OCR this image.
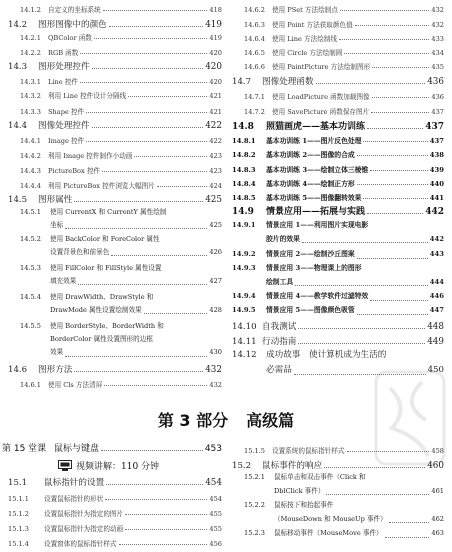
14.1.2	自定义的坐标系统	418
14.2	图形图像中的颜色	419
14.2.1	QBColor 函数	419
14.2.2	RGB 函数	420
14.3	图形处理控件	420
14.3.1	Line 控件	420
14.3.2	利用 Line 控件设计分隔线	421
14.3.3	Shape 控件	421
14.4	图像处理控件	422
14.4.1	Image 控件	422
14.4.2	利用 Image 控件制作小动画	423
14.4.3	PictureBox 控件	423
14.4.4	利用 PictureBox 控件浏览大幅图片	424
14.5	图形属性	425
14.5.1 使用 CurrentX 和 CurrentY 属性绘制
坐标	425
14.5.2 使用 BackColor 和 ForeColor 属性
设置背景色和前景色	426
14.5.3 使用 FillColor 和 FillStyle 属性设置
填充效果	427
14.5.4 使用 DrawWidth、DrawStyle 和
DrawMode 属性设置绘制效果	428
14.5.5 使用 BorderStyle、BorderWidth 和
BorderColor 属性设置图形的边框
效果	430
14.6	图形方法	432
14.6.1	使用 Cls 方法清屏	432
14.6.2	使用 PSet 方法绘制点	432
14.6.3	使用 Point 方法获取颜色值	432
14.6.4	使用 Line 方法绘制线	433
14.6.5	使用 Circle 方法绘制圆	434
14.6.6	使用 PaintPicture 方法绘制图形	435
14.7	图像处理函数	436
14.7.1	使用 LoadPicture 函数加载图像	436
14.7.2	使用 SavePicture 函数保存图片	437
14.8	照猫画虎——基本功训练	437
14.8.1	基本功训练 1——图片反色处理	437
14.8.2	基本功训练 2——图像的合成	438
14.8.3	基本功训练 3——绘制立体三棱锥	439
14.8.4	基本功训练 4——绘制正方形	440
14.8.5	基本功训练 5——图像翻转效果	441
14.9	情景应用——拓展与实践	442
14.9.1 情景应用 1——利用图片实现电影
胶片的效果	442
14.9.2 情景应用 2——绘制沙丘图案	443
14.9.3 情景应用 3——物理课上的图形
绘制工具	444
14.9.4 情景应用 4——教学软件过滤特效	446
14.9.5 情景应用 5——图像颜色吸管	447
14.10 自我测试	448
14.11 行动指南	449
14.12 成功故事　使计算机成为生活的
必需品	450
第 3 部分 高级篇
第 15 堂课 鼠标与键盘	453
视频讲解：110 分钟
15.1	鼠标指针的设置	454
15.1.1	设置鼠标指针的形状	454
15.1.2	设置鼠标指针为指定的图片	455
15.1.3	设置鼠标指针为指定的动画	455
15.1.4	设置窗体的鼠标指针样式	456
15.1.5	设置系统的鼠标指针样式	458
15.2	鼠标事件的响应	460
15.2.1 鼠标单击和双击事件（Click 和
DblClick 事件）	461
15.2.2 鼠标按下和抬起事件
（MouseDown 和 MouseUp 事件）	462
15.2.3 鼠标移动事件（MouseMove 事件）	463
